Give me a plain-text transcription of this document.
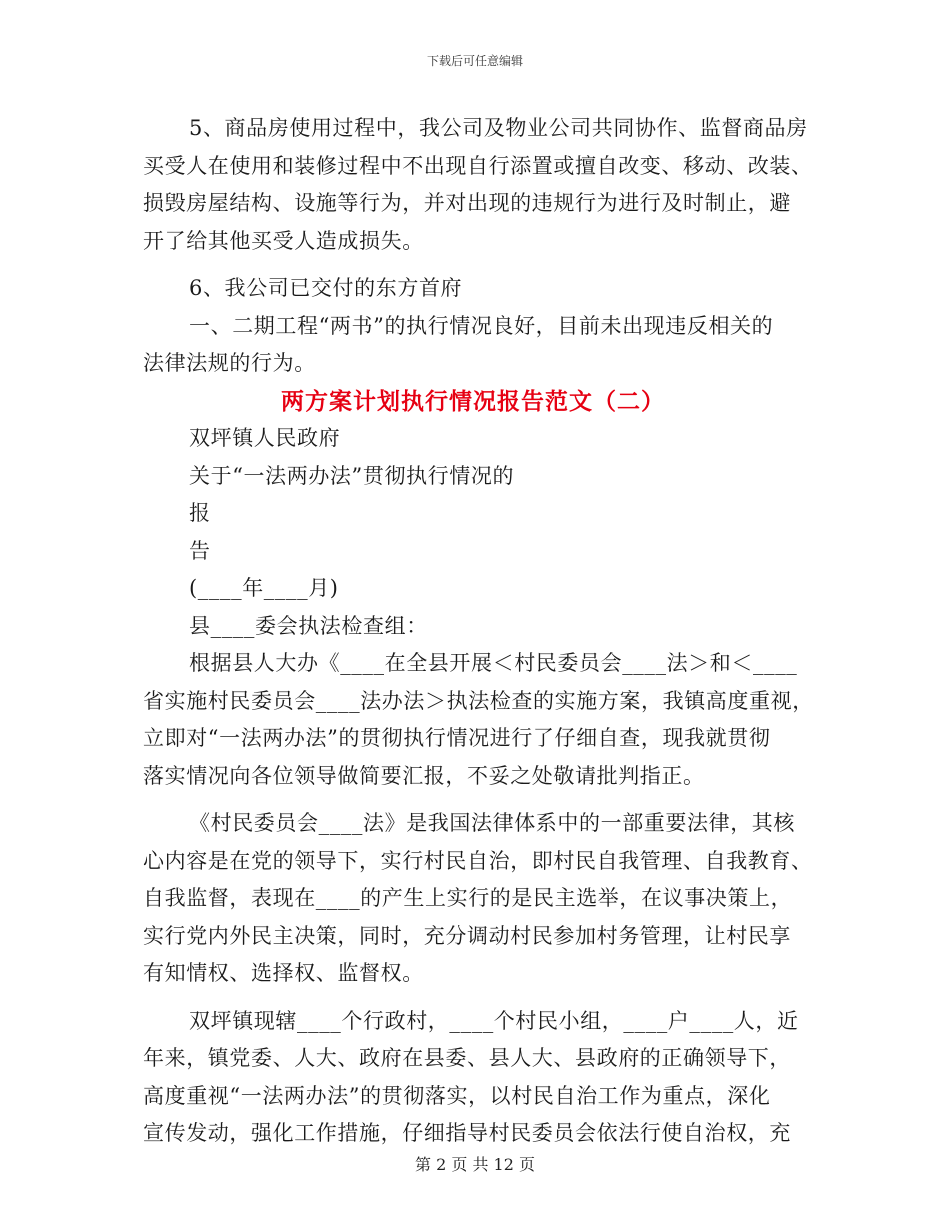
下载后可任意编辑
5、商品房使用过程中，我公司及物业公司共同协作、监督商品房
买受人在使用和装修过程中不出现自行添置或擅自改变、移动、改装、
损毁房屋结构、设施等行为，并对出现的违规行为进行及时制止，避
开了给其他买受人造成损失。
6、我公司已交付的东方首府
一、二期工程“两书”的执行情况良好，目前未出现违反相关的
法律法规的行为。
两方案计划执行情况报告范文（二）
双坪镇人民政府
关于“一法两办法”贯彻执行情况的
报
告
(____年____月)
县____委会执法检查组：
根据县人大办《____在全县开展＜村民委员会____法＞和＜____
省实施村民委员会____法办法＞执法检查的实施方案，我镇高度重视，
立即对“一法两办法”的贯彻执行情况进行了仔细自查，现我就贯彻
落实情况向各位领导做简要汇报，不妥之处敬请批判指正。
《村民委员会____法》是我国法律体系中的一部重要法律，其核
心内容是在党的领导下，实行村民自治，即村民自我管理、自我教育、
自我监督，表现在____的产生上实行的是民主选举，在议事决策上，
实行党内外民主决策，同时，充分调动村民参加村务管理，让村民享
有知情权、选择权、监督权。
双坪镇现辖____个行政村，____个村民小组，____户____人，近
年来，镇党委、人大、政府在县委、县人大、县政府的正确领导下，
高度重视“一法两办法”的贯彻落实，以村民自治工作为重点，深化
宣传发动，强化工作措施，仔细指导村民委员会依法行使自治权，充
第 2 页 共 12 页
